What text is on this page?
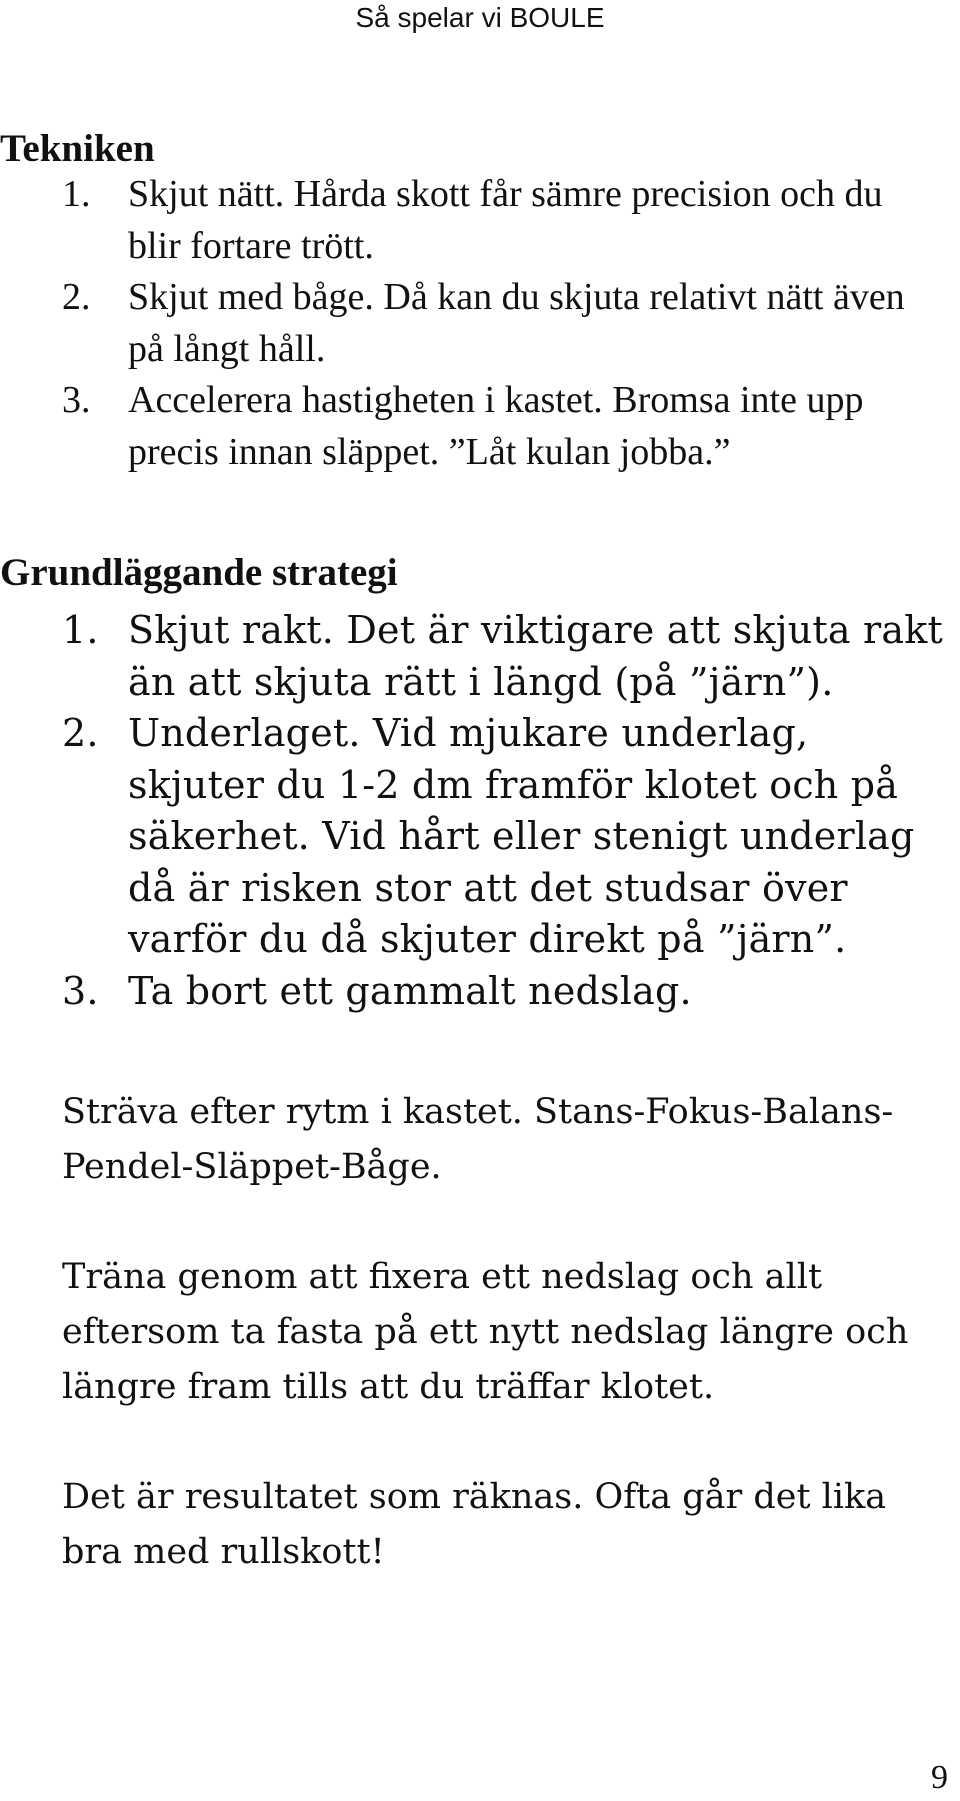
Så spelar vi BOULE
Tekniken
1. Skjut nätt. Hårda skott får sämre precision och du blir fortare trött.
2. Skjut med båge. Då kan du skjuta relativt nätt även på långt håll.
3. Accelerera hastigheten i kastet. Bromsa inte upp precis innan släppet. ”Låt kulan jobba.”
Grundläggande strategi
1. Skjut rakt. Det är viktigare att skjuta rakt än att skjuta rätt i längd (på ”järn”).
2. Underlaget. Vid mjukare underlag, skjuter du 1-2 dm framför klotet och på säkerhet. Vid hårt eller stenigt underlag då är risken stor att det studsar över varför du då skjuter direkt på ”järn”.
3. Ta bort ett gammalt nedslag.

Sträva efter rytm i kastet. Stans-Fokus-Balans-Pendel-Släppet-Båge.

Träna genom att fixera ett nedslag och allt eftersom ta fasta på ett nytt nedslag längre och längre fram tills att du träffar klotet.

Det är resultatet som räknas. Ofta går det lika bra med rullskott!

9
